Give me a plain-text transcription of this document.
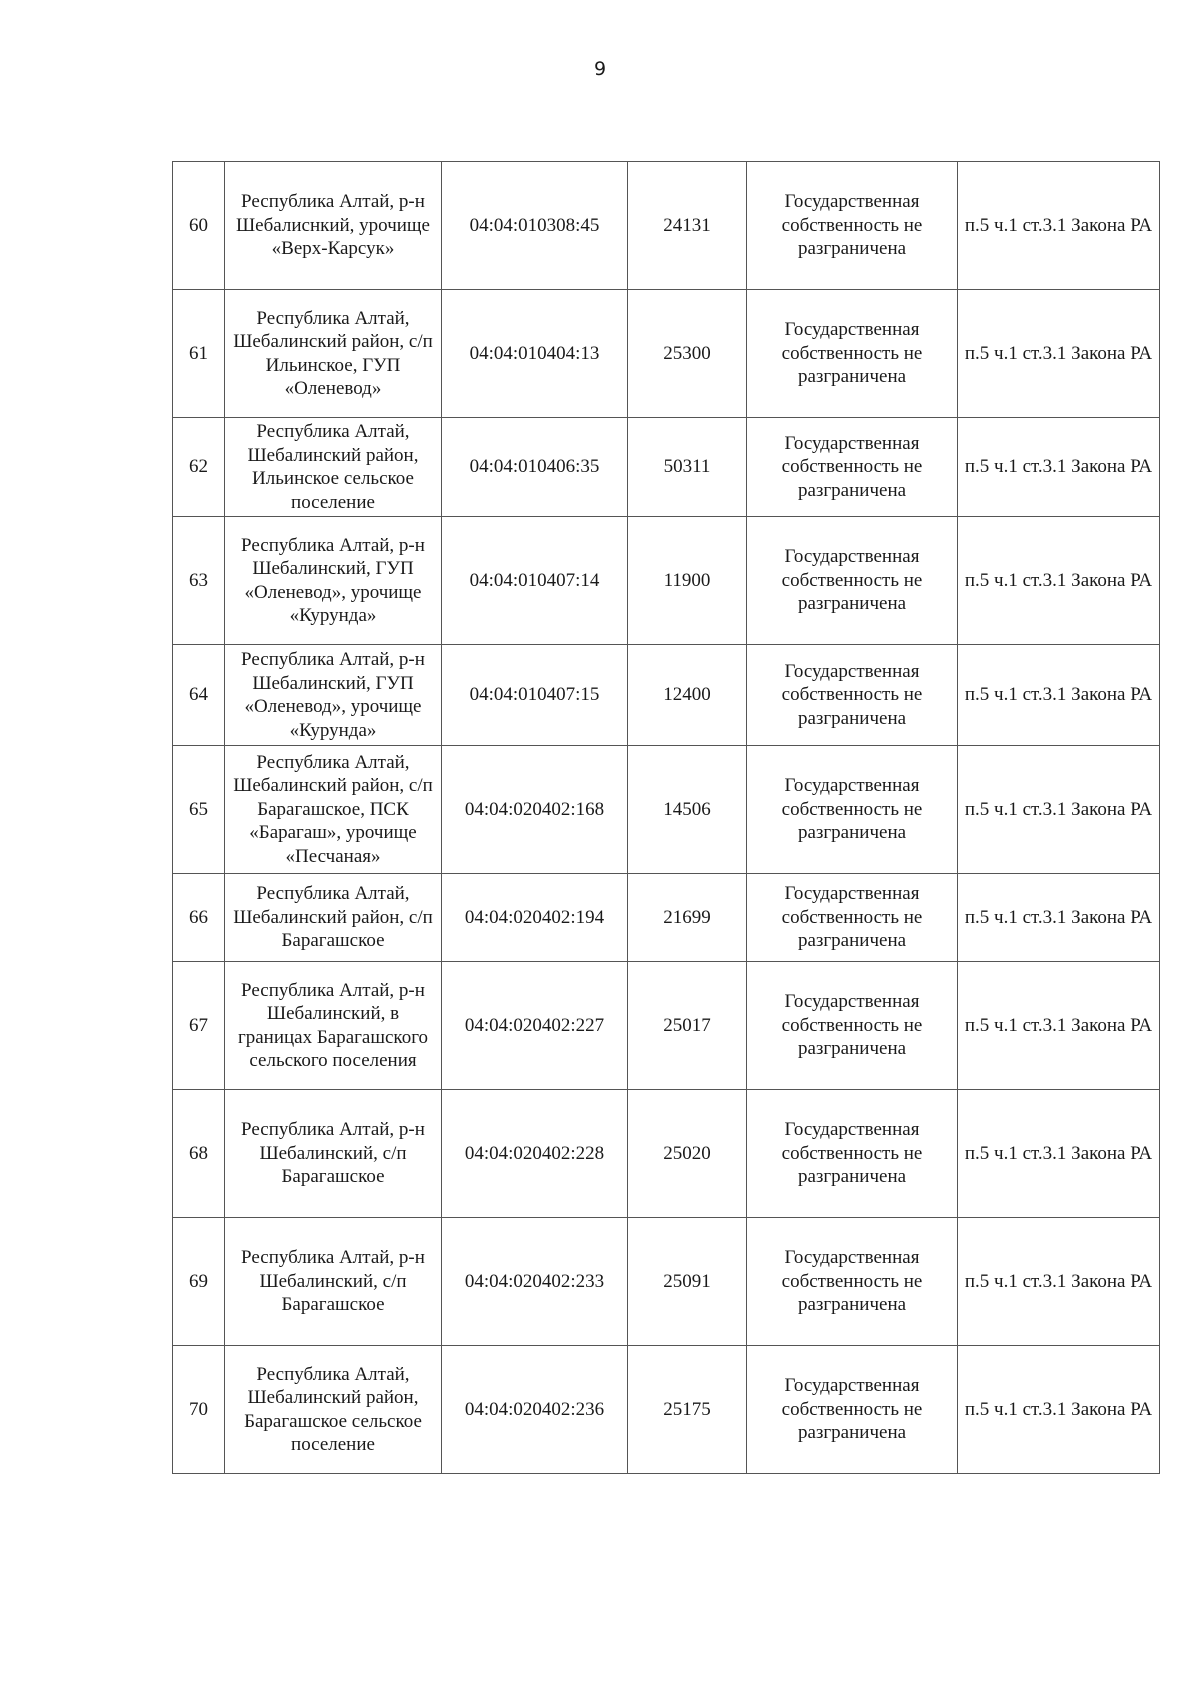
9
60	Республика Алтай, р-н Шебалиснкий, урочище «Верх-Карсук»	04:04:010308:45	24131	Государственная собственность не разграничена	п.5 ч.1 ст.3.1 Закона РА
61	Республика Алтай, Шебалинский район, с/п Ильинское, ГУП «Оленевод»	04:04:010404:13	25300	Государственная собственность не разграничена	п.5 ч.1 ст.3.1 Закона РА
62	Республика Алтай, Шебалинский район, Ильинское сельское поселение	04:04:010406:35	50311	Государственная собственность не разграничена	п.5 ч.1 ст.3.1 Закона РА
63	Республика Алтай, р-н Шебалинский, ГУП «Оленевод», урочище «Курунда»	04:04:010407:14	11900	Государственная собственность не разграничена	п.5 ч.1 ст.3.1 Закона РА
64	Республика Алтай, р-н Шебалинский, ГУП «Оленевод», урочище «Курунда»	04:04:010407:15	12400	Государственная собственность не разграничена	п.5 ч.1 ст.3.1 Закона РА
65	Республика Алтай, Шебалинский район, с/п Барагашское, ПСК «Барагаш», урочище «Песчаная»	04:04:020402:168	14506	Государственная собственность не разграничена	п.5 ч.1 ст.3.1 Закона РА
66	Республика Алтай, Шебалинский район, с/п Барагашское	04:04:020402:194	21699	Государственная собственность не разграничена	п.5 ч.1 ст.3.1 Закона РА
67	Республика Алтай, р-н Шебалинский, в границах Барагашского сельского поселения	04:04:020402:227	25017	Государственная собственность не разграничена	п.5 ч.1 ст.3.1 Закона РА
68	Республика Алтай, р-н Шебалинский, с/п Барагашское	04:04:020402:228	25020	Государственная собственность не разграничена	п.5 ч.1 ст.3.1 Закона РА
69	Республика Алтай, р-н Шебалинский, с/п Барагашское	04:04:020402:233	25091	Государственная собственность не разграничена	п.5 ч.1 ст.3.1 Закона РА
70	Республика Алтай, Шебалинский район, Барагашское сельское поселение	04:04:020402:236	25175	Государственная собственность не разграничена	п.5 ч.1 ст.3.1 Закона РА
